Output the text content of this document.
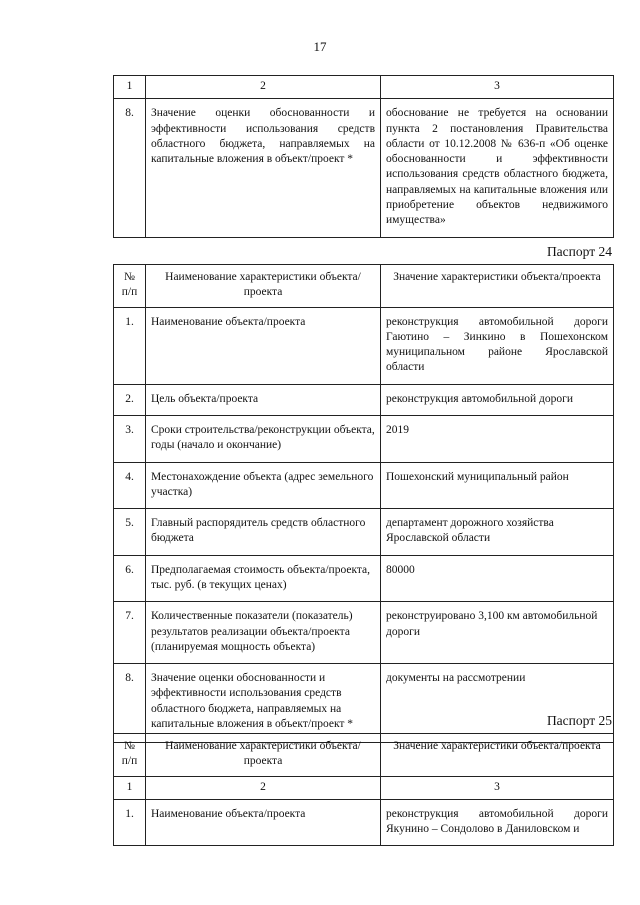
17
1	2	3
8.	Значение оценки обоснованности и эффективности использования средств областного бюджета, направляемых на капитальные вложения в объект/проект *	обоснование не требуется на основании пункта 2 постановления Правительства области от 10.12.2008 № 636-п «Об оценке обоснованности и эффективности использования средств областного бюджета, направляемых на капитальные вложения или приобретение объектов недвижимого имущества»
Паспорт 24
№ п/п	Наименование характеристики объекта/проекта	Значение характеристики объекта/проекта
1.	Наименование объекта/проекта	реконструкция автомобильной дороги Гаютино – Зинкино в Пошехонском муниципальном районе Ярославской области
2.	Цель объекта/проекта	реконструкция автомобильной дороги
3.	Сроки строительства/реконструкции объекта, годы (начало и окончание)	2019
4.	Местонахождение объекта (адрес земельного участка)	Пошехонский муниципальный район
5.	Главный распорядитель средств областного бюджета	департамент дорожного хозяйства Ярославской области
6.	Предполагаемая стоимость объекта/проекта, тыс. руб. (в текущих ценах)	80000
7.	Количественные показатели (показатель) результатов реализации объекта/проекта (планируемая мощность объекта)	реконструировано 3,100 км автомобильной дороги
8.	Значение оценки обоснованности и эффективности использования средств областного бюджета, направляемых на капитальные вложения в объект/проект *	документы на рассмотрении
Паспорт 25
№ п/п	Наименование характеристики объекта/проекта	Значение характеристики объекта/проекта
1	2	3
1.	Наименование объекта/проекта	реконструкция автомобильной дороги Якунино – Сондолово в Даниловском и
